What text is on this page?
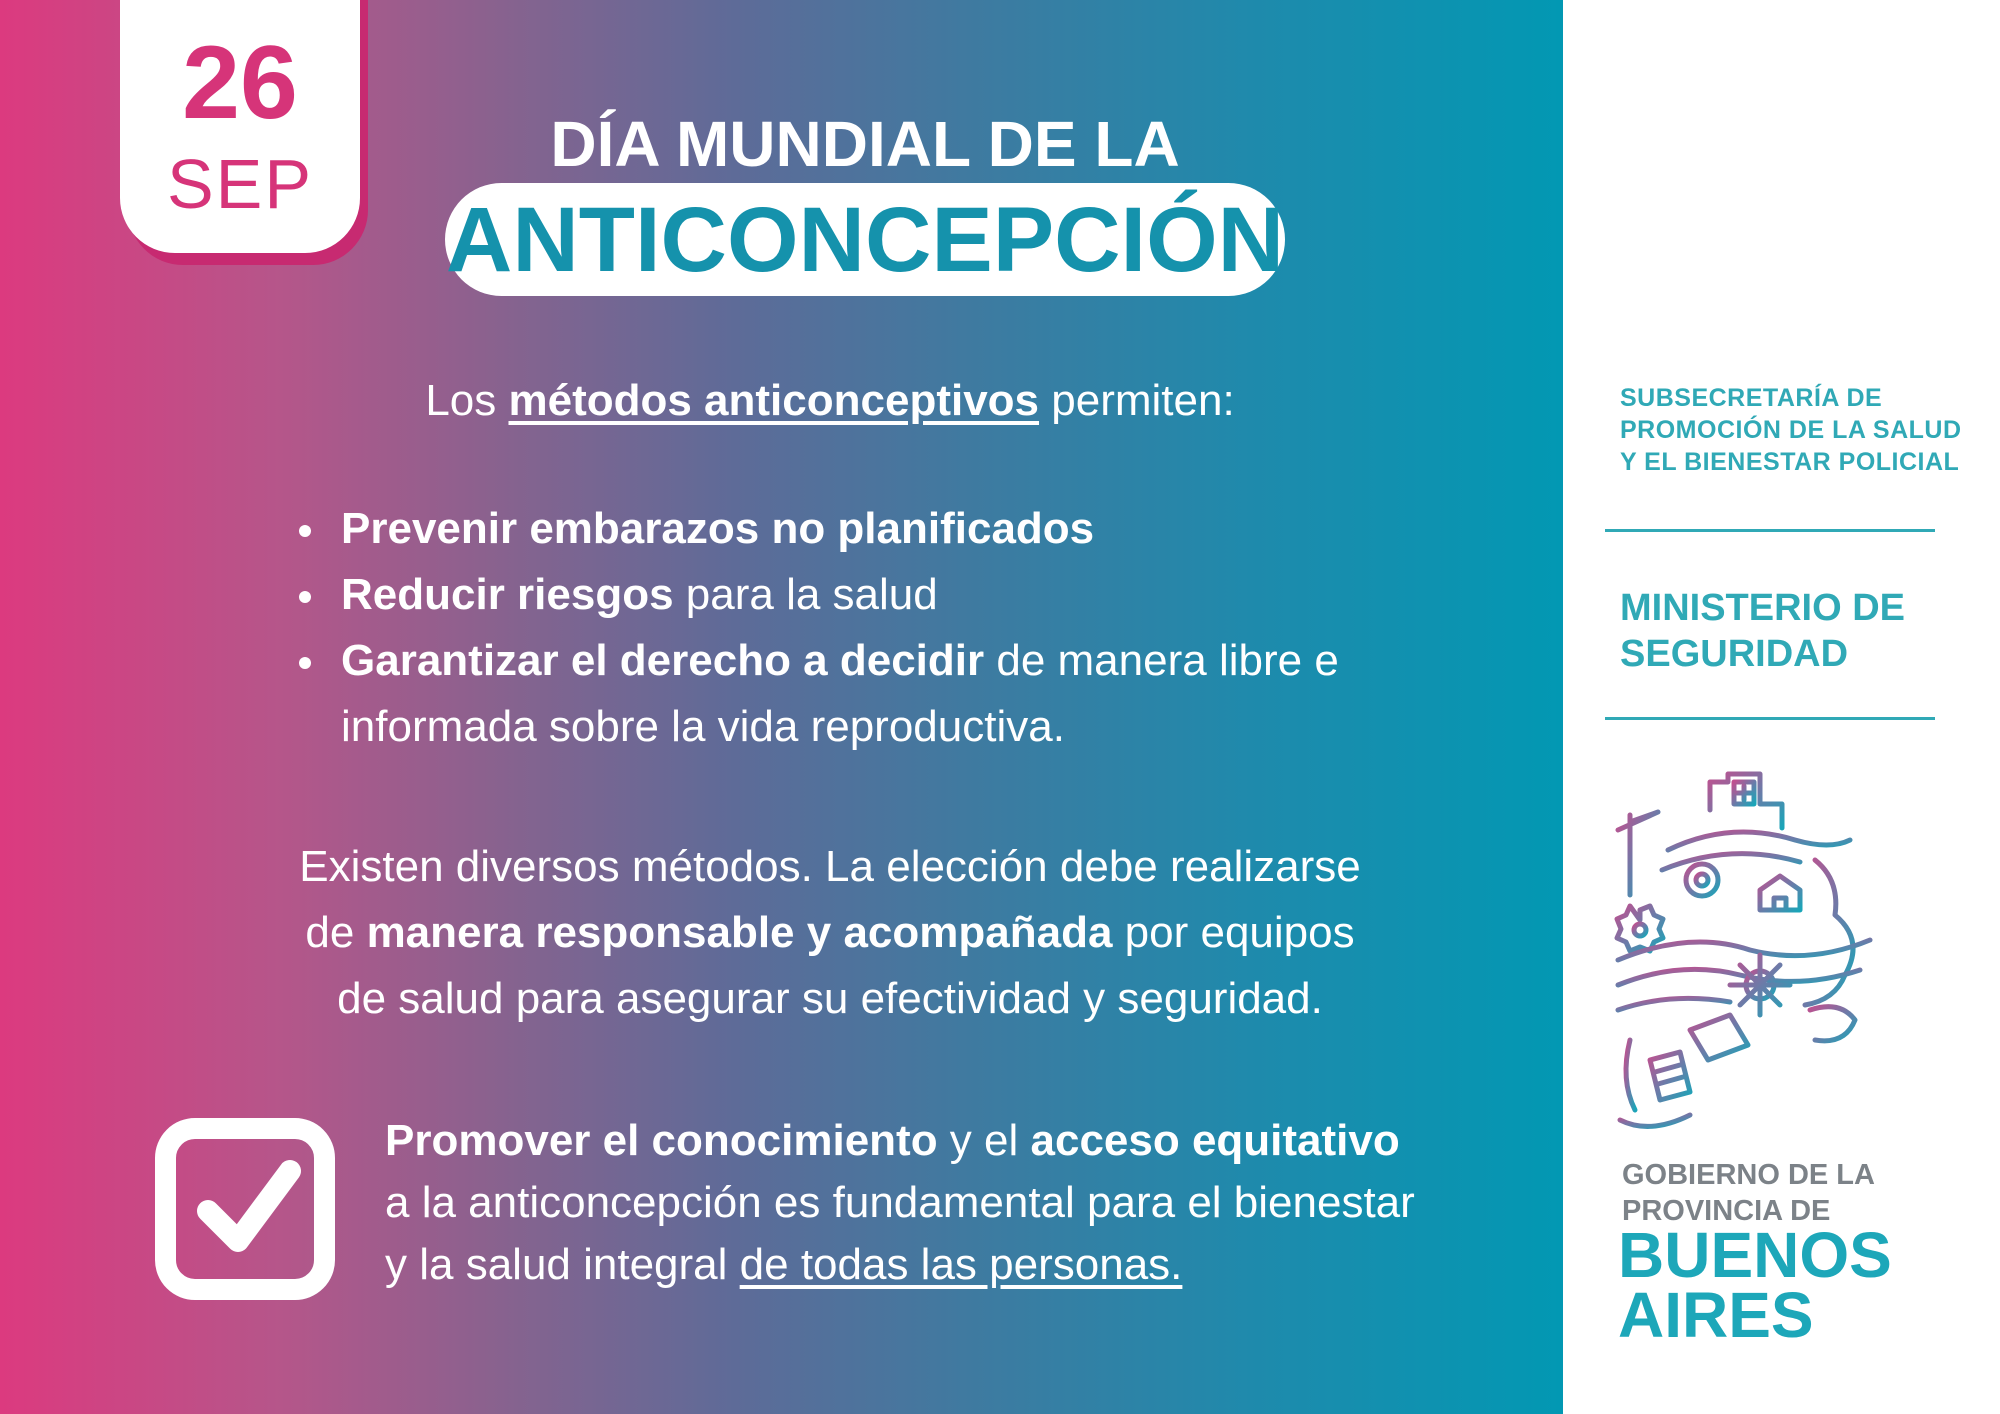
26
SEP
DÍA MUNDIAL DE LA
ANTICONCEPCIÓN
Los métodos anticonceptivos permiten:
Prevenir embarazos no planificados
Reducir riesgos para la salud
Garantizar el derecho a decidir de manera libre e
informada sobre la vida reproductiva.
Existen diversos métodos. La elección debe realizarse
de manera responsable y acompañada por equipos
de salud para asegurar su efectividad y seguridad.
Promover el conocimiento y el acceso equitativo
a la anticoncepción es fundamental para el bienestar
y la salud integral de todas las personas.
SUBSECRETARÍA DE
PROMOCIÓN DE LA SALUD
Y EL BIENESTAR POLICIAL
MINISTERIO DE
SEGURIDAD
GOBIERNO DE LA
PROVINCIA DE
BUENOS
AIRES
